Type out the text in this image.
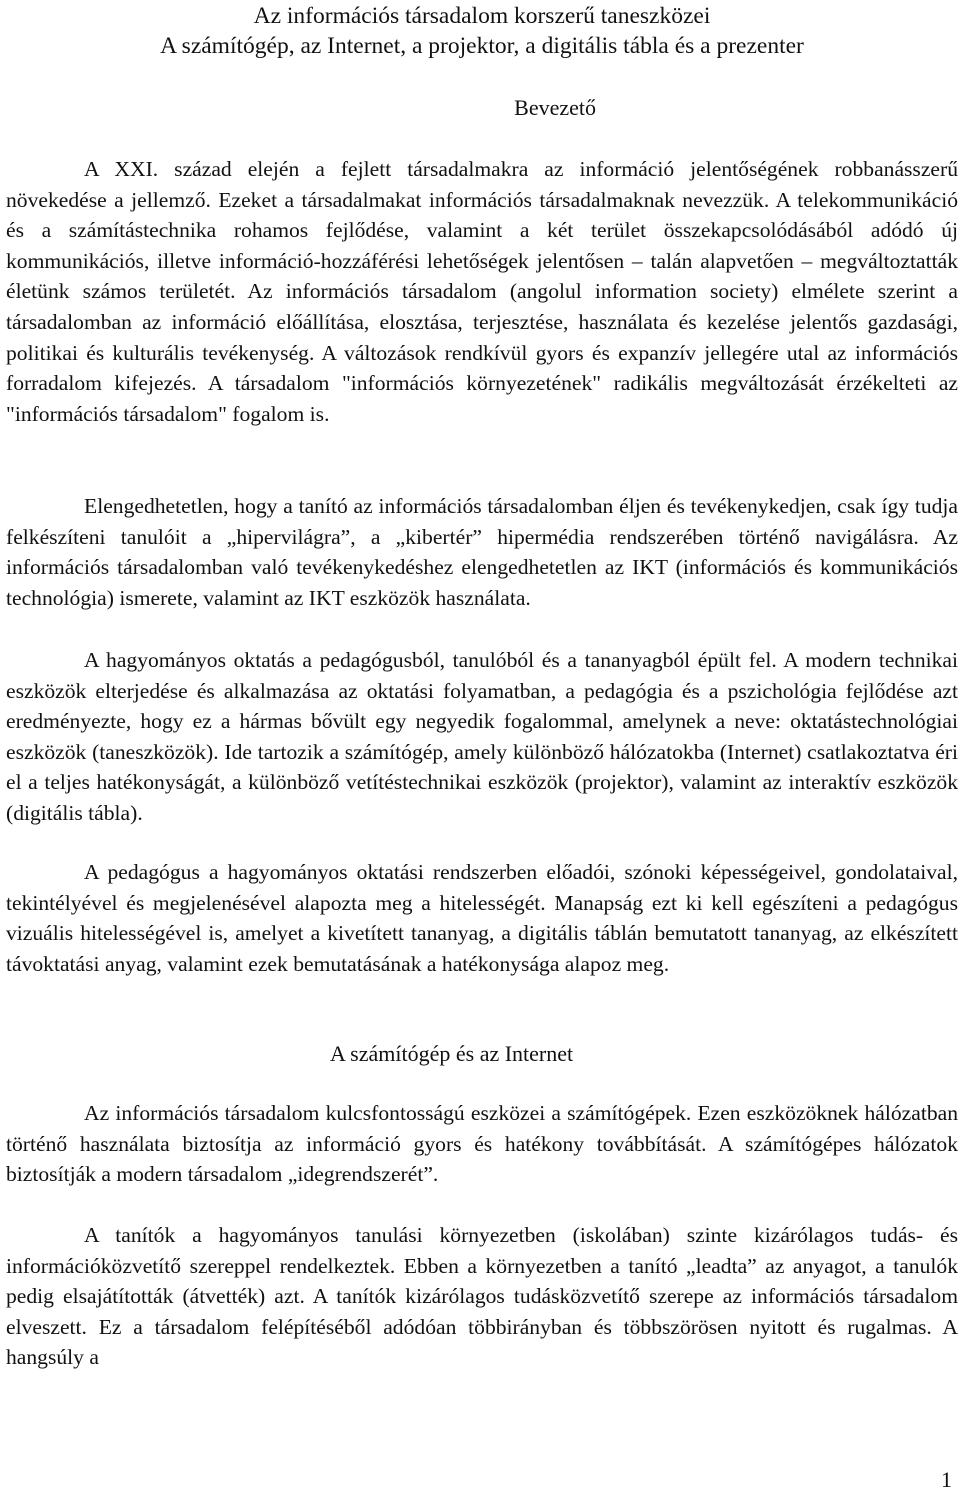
Az információs társadalom korszerű taneszközei
A számítógép, az Internet, a projektor, a digitális tábla és a prezenter
Bevezető

A XXI. század elején a fejlett társadalmakra az információ jelentőségének robbanásszerű növekedése a jellemző. Ezeket a társadalmakat információs társadalmaknak nevezzük. A telekommunikáció és a számítástechnika rohamos fejlődése, valamint a két terület összekapcsolódásából adódó új kommunikációs, illetve információ-hozzáférési lehetőségek jelentősen – talán alapvetően – megváltoztatták életünk számos területét. Az információs társadalom (angolul information society) elmélete szerint a társadalomban az információ előállítása, elosztása, terjesztése, használata és kezelése jelentős gazdasági, politikai és kulturális tevékenység. A változások rendkívül gyors és expanzív jellegére utal az információs forradalom kifejezés. A társadalom "információs környezetének" radikális megváltozását érzékelteti az "információs társadalom" fogalom is.

Elengedhetetlen, hogy a tanító az információs társadalomban éljen és tevékenykedjen, csak így tudja felkészíteni tanulóit a „hipervilágra”, a „kibertér” hipermédia rendszerében történő navigálásra. Az információs társadalomban való tevékenykedéshez elengedhetetlen az IKT (információs és kommunikációs technológia) ismerete, valamint az IKT eszközök használata.

A hagyományos oktatás a pedagógusból, tanulóból és a tananyagból épült fel. A modern technikai eszközök elterjedése és alkalmazása az oktatási folyamatban, a pedagógia és a pszichológia fejlődése azt eredményezte, hogy ez a hármas bővült egy negyedik fogalommal, amelynek a neve: oktatástechnológiai eszközök (taneszközök). Ide tartozik a számítógép, amely különböző hálózatokba (Internet) csatlakoztatva éri el a teljes hatékonyságát, a különböző vetítéstechnikai eszközök (projektor), valamint az interaktív eszközök (digitális tábla).

A pedagógus a hagyományos oktatási rendszerben előadói, szónoki képességeivel, gondolataival, tekintélyével és megjelenésével alapozta meg a hitelességét. Manapság ezt ki kell egészíteni a pedagógus vizuális hitelességével is, amelyet a kivetített tananyag, a digitális táblán bemutatott tananyag, az elkészített távoktatási anyag, valamint ezek bemutatásának a hatékonysága alapoz meg.

A számítógép és az Internet

Az információs társadalom kulcsfontosságú eszközei a számítógépek. Ezen eszközöknek hálózatban történő használata biztosítja az információ gyors és hatékony továbbítását. A számítógépes hálózatok biztosítják a modern társadalom „idegrendszerét”.

A tanítók a hagyományos tanulási környezetben (iskolában) szinte kizárólagos tudás- és információközvetítő szereppel rendelkeztek. Ebben a környezetben a tanító „leadta” az anyagot, a tanulók pedig elsajátították (átvették) azt. A tanítók kizárólagos tudásközvetítő szerepe az információs társadalom elveszett. Ez a társadalom felépítéséből adódóan többirányban és többszörösen nyitott és rugalmas. A hangsúly a

1
